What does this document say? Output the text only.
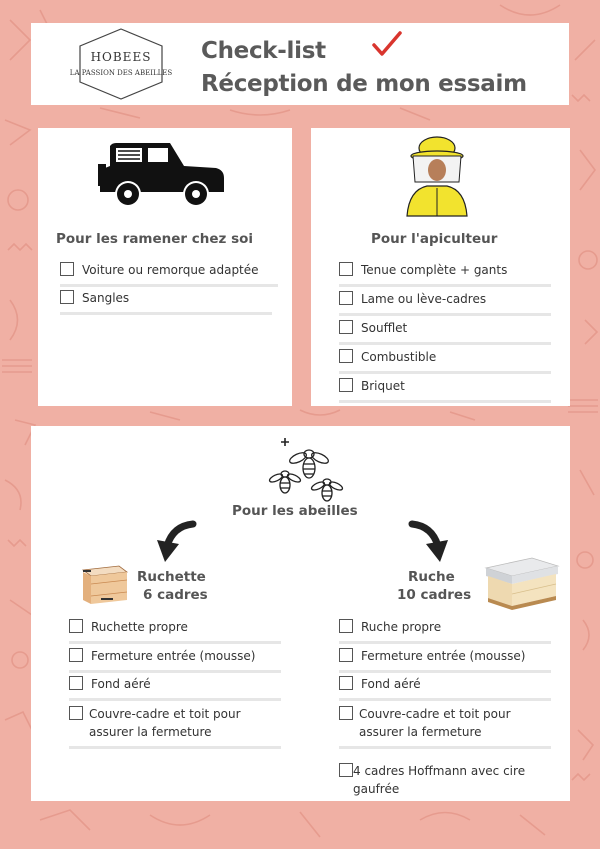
HOBEES
LA PASSION DES ABEILLES
Check-list
Réception de mon essaim
Pour les ramener chez soi
Voiture ou remorque adaptée
Sangles
Pour l'apiculteur
Tenue complète + gants
Lame ou lève-cadres
Soufflet
Combustible
Briquet
Pour les abeilles
Ruchette
6 cadres
Ruche
10 cadres
Ruchette propre
Fermeture entrée (mousse)
Fond aéré
Couvre-cadre et toit pour assurer la fermeture
Ruche propre
Fermeture entrée (mousse)
Fond aéré
Couvre-cadre et toit pour assurer la fermeture
4 cadres Hoffmann avec cire gaufrée
